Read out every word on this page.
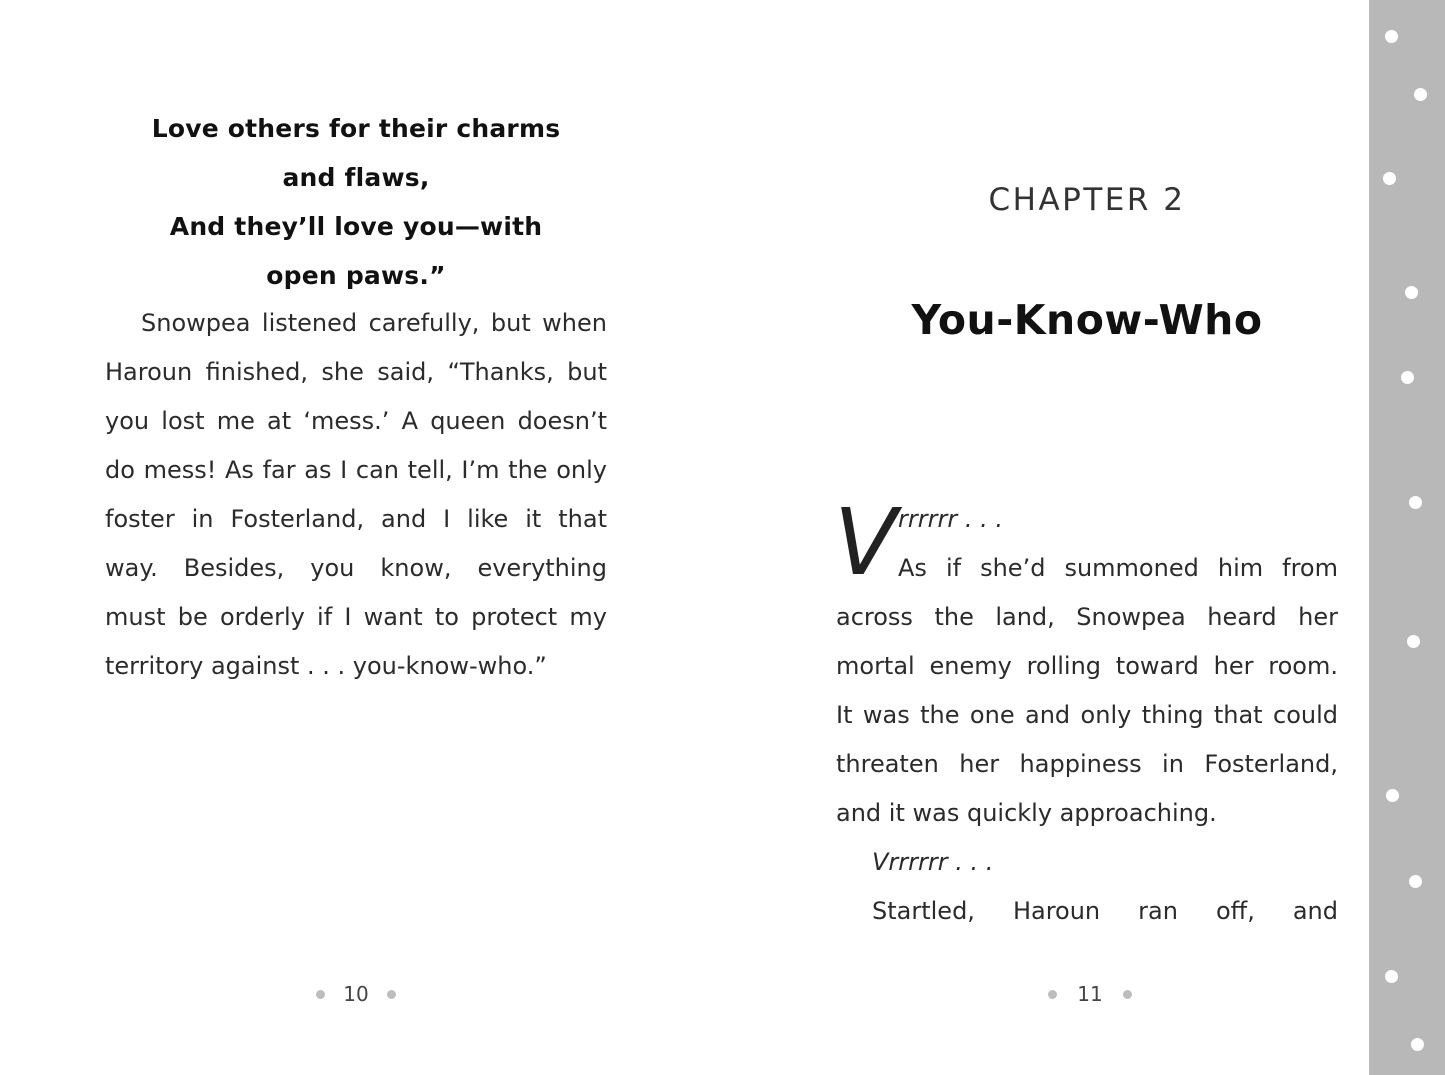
Love others for their charms
and flaws,
And they’ll love you—with
open paws.”
Snowpea listened carefully, but when
Haroun finished, she said, “Thanks, but
you lost me at ‘mess.’ A queen doesn’t
do mess! As far as I can tell, I’m the only
foster in Fosterland, and I like it that
way. Besides, you know, everything
must be orderly if I want to protect my
territory against . . . you-know-who.”
10
CHAPTER 2
You-Know-Who
V rrrrrr . . .
As if she’d summoned him from
across the land, Snowpea heard her
mortal enemy rolling toward her room.
It was the one and only thing that could
threaten her happiness in Fosterland,
and it was quickly approaching.
Vrrrrrr . . .
Startled, Haroun ran off, and
11
